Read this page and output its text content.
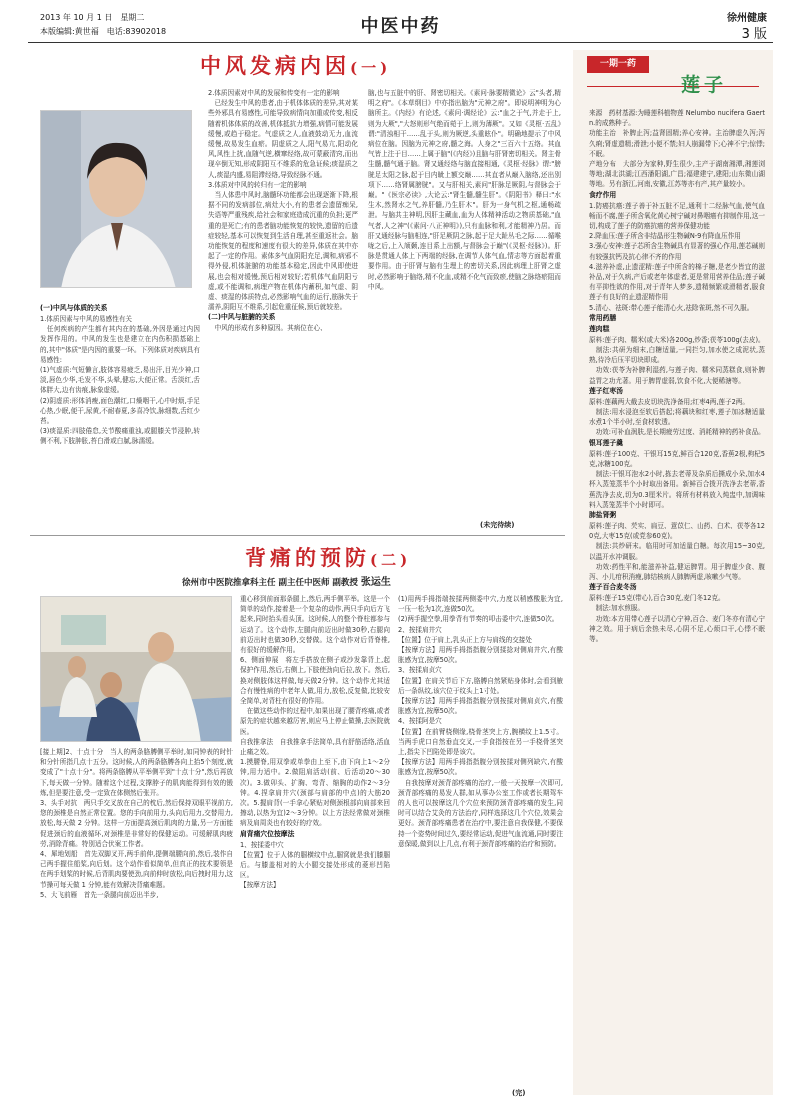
2013 年 10 月 1 日　星期二
本版编辑:黄世福　电话:83902018	中医中药	徐州健康
3 版
中风发病内因(一)
(一)中风与体质的关系
1.体质因素与中风的易感性有关
　任何疾病的产生都有其内在的基础,外因是通过内因发挥作用的。中风的发生也是建立在内伤积损基础上的,其中"体质"是内因的重要一环。下列体质对疾病具有易感性:
(1)气虚质:气短懒言,肢体容易疲乏,易出汗,目光少神,口淡,唇色少华,毛发不华,头晕,健忘,大便正常。舌淡红,舌体胖大,边有齿痕,脉象虚缓。
(2)阴虚质:形体消瘦,面色潮红,口燥咽干,心中时烦,手足心热,少眠,便干,尿黄,不耐春夏,多喜冷饮,脉细数,舌红少苔。
(3)痰湿质:四肢倦怠,关节酸痛重浊,或腿膝关节浸肿,转侧不利,下肢肿胀,苔白滑或白腻,脉濡缓。
2.体质因素对中风的发展和传变有一定的影响
　已经发生中风的患者,由于机体体质的差异,其对某些外邪具有易感性,可能导致病情向加重或传变,相反随着机体体质的改善,机体抵抗力增强,病情可能发展缓慢,或趋于稳定。气虚质之人,血液鼓动无力,血流缓慢,故易发生血瘀。阴虚质之人,阳气易亢,阳动化风,风性上扰,血随气逆,横窜经络,故可蒙蔽清窍,而出现卒倒无知,形成阴阳互不维系的危急证候;痰湿质之人,痰湿内盛,易阻滞经络,导致经脉不通。
3.体质对中风的转归有一定的影响
　当人体患中风时,脑髓环功能都会出现逐渐下降,根据不同的发病部位,病灶大小,有的患者会遗留痴呆,失语等严重残疾,给社会和家庭造成沉重的负担;更严重的是死亡;有的患者脑功能恢复的较快,遗留的后遗症较轻,基本可以恢复到生活自理,甚至重返社会。脑功能恢复的程度和速度有很大的差异,体质在其中亦起了一定的作用。素体多气血阴阳充足,调和,病邪不得外侵,机体脏腑的功能基本稳定,因此中风即使进展,也会相对缓慢,预后相对较好;若机体气血阴阳亏虚,或不能调和,病理产物在机体内蓄积,如气虚、阴虚、痰湿的体质特点,必然影响气血的运行,筋脉失于濡养,阴阳互不维系,引起危重征候,预后就较差。
(二)中风与脏腑的关系
　中风的形成有多种原因。其病位在心、
脑,也与五脏中的肝、肾密切相关。《素问·脉要精微论》云"头者,精明之府"。《本草纲目》中亦指出脑为"元神之府"。即说明神明为心脑所主。《内经》有论述,《素问·调经论》云:"血之于气,并走于上,则为大厥","大怒则形气绝而菀于上,则为薄厥"。又如《灵枢·五乱》谓:"清浊相干……乱于头,则为厥逆,头重眩仆"。明确地提示了中风病位在脑。因脑为元神之府,髓之海。人身之"三百六十五络。其血气皆上注于目……上属于脑"(《内经》)且脑与肝肾密切相关。肾主骨生髓,髓气通于脑。肾又通经络与脑直接相通,《灵枢·经脉》谓:"膀胱足太阳之脉,起于目内眦上额交巅……其直者从巅入脑络,还出别项下……络肾属膀胱"。又与肝相关,素问"肝脉足厥阴,与督脉会于巅。"《医宗必读》,大论云:"肾生髓,髓生肝"。《阴阳书》释曰:"水生木,然肾水之气,养肝髓,乃生肝木"。肝为一身气机之枢,通畅疏泄。与脑共主神明,因肝主藏血,血为人体精神活动之物质基础,"血气者,人之神"(《素问·八正神明》),只有血脉和利,才能精神乃居。而肝又通经脉与脑相连,"肝足厥阴之脉,起于足大趾丛毛之际……循喉咙之后,上入颃颡,连目系上出额,与督脉会于巅"(《灵枢·经脉》)。肝脉是贯通人体上下两端的经脉,在调节人体气血,情志等方面起着重要作用。由于肝肾与脑有生理上的密切关系,因此病理上肝肾之虚时,必然影响于脑络,精不化血,或精不化气而致瘀,使脑之脉络瘀阻而中风。
(未完待续)
背痛的预防(二)
徐州市中医院推拿科主任 副主任中医师 副教授 张运生
[接上期]2、十点十分　当人的两条胳膊侧平举时,如同钟表的时针和分针所指几点十五分。这时候,人的两条胳膊各向上抬5个刻度,就变成了"十点十分"。将两条胳膊从平举侧平到"十点十分",然后再放下,每天做一分钟。随着这个过程,支撑脖子的肌肉能得到有效的锻炼,但是要注意,受一定致在体侧然后张开。
3、头手对抗　两只手交叉放在自己的枕后,然后保持双眼平视前方,您的颈椎是自然正常位置。您的手向前用力,头向后用力,交替用力,放松,每天做 2 分钟。这样一方面提高颈后肌肉的力量,另一方面能促进颈后的血液循环,对颈椎是非常好的保健运动。可缓解肌肉疲劳,消除背痛。特别适合伏案工作者。
4、犀地划船　首先双脚叉开,两手前伸,提侧端腰向前,然后,装作自己两手握住船桨,向后划。这个动作看似简单,但真正的技术要领是在两手划桨的时候,后背肌肉要使劲,向前伸时放松,向后拽时用力,这节操可每天做 1 分钟,能有效解决背痛难题。
5、大飞前雁　首先一条腿向前迈出半步,
重心移到前面那条腿上,然后,两手侧平举。这是一个简单的动作,接着是一个复杂的动作,两只手向后方飞起来,同时抬头看头顶。这时候,人的整个脊柱都参与运动了。这个动作,左腿向前迈出时做30秒,右腿向前迈出时也做30秒,交替做。这个动作对后背脊椎,有很好的缓解作用。
6、侧面伸展　将左手搭放在侧子或沙发靠背上,起保护作用,然后,右侧上,下肢使劲向后拉,放下。然后,换对侧肢体这样做,每天做2分钟。这个动作尤其适合有慢性病的中老年人做,用力,放松,反复做,比较安全简单,对背柱有很好的作用。
　在做这些动作的过程中,如果出现了腰背疼痛,或者原先的症状越来越厉害,则应马上停止做操,去医院就医。
自我推拿法　自我推拿手法简单,具有舒筋活络,活血止痛之效。
1.摸腰脊,用双拳或单拳由上至下,由下向上1～2分钟,用力适中。2.做阻肩活动(前、后活动20～30次)。3.做卯头、扩胸、弯背、缩胸的动作2～3分钟。4.捏拿肩井穴(颈部与肩部的中点)的大筋20次。5.握肩背(一手拿心紧贴对侧颈根部向肩部来回擦动,以热为宜)2～3分钟。以上方法经常做对颈椎病及肩周炎也有较好的疗效。
肩背痛穴位按摩法
1、按揉委中穴
【位置】位于人体的腘横纹中点,腘窝就是我们膝腘后。与膝盖相对的大小腿交接处形成的菱形凹陷区。
【按摩方法】
(1)用两手拇指端按揉两侧委中穴,力度以稍感酸胀为宜,一压一松为1次,连做50次。
(2)两手握空拳,用拳背有节奏的叩击委中穴,连做50次。
2、按揉肩井穴
【位置】位于肩上,乳头正上方与肩线的交接处
【按摩方法】用两手拇指指腹分别揉捻对侧肩井穴,有酸胀感为宜,按摩50次。
3、按揉肩贞穴
【位置】在肩关节后下方,胳膊自然紧贴身体时,会看到腋后一条纵纹,该穴位于纹头上1寸处。
【按摩方法】用两手拇指指腹分别按揉对侧肩贞穴,有酸胀感为宜,按摩50次。
4、按揉阿是穴
【位置】在前臂桡侧缘,桡骨茎突上方,腕横纹上1.5寸。当两手虎口自然垂直交叉,一手食指按在另一手桡骨茎突上,指尖下凹陷处即是该穴。
【按摩方法】用两手拇指指腹分别按揉对侧列缺穴,有酸胀感为宜,按摩50次。
　自我按摩对颈背部疼痛的治疗,一般一天按摩一次即可,颈背部疼痛的易发人群,如从事办公室工作或者长期驾车的人也可以按摩这几个穴位来预防颈背部疼痛的发生,同时可以结合艾灸的方法治疗,同样选择这几个穴位,效果会更好。颈背部疼痛患者在治疗中,要注意自我保健,不要保持一个姿势时间过久,要经常运动,促进气血流通,同时要注意保暖,做到以上几点,有利于颈背部疼痛的治疗和预防。
(完)
一期一药
莲子
来源　药材基源:为睡莲科植物莲 Nelumbo nucifera Gaertn.的成熟种子。
功能主治　补脾止泻;益肾固精;养心安神。主治脾虚久泻;泻久痢;肾虚遗精;滑泄;小便不禁;妇人崩漏带下;心神不宁;惊悸;不眠。
产地分布　大部分为家种,野生很少,主产于湖南湘潭,湘莲浏等地;湖北洪湖;江西潘阳湖,广昌;福建建宁,建阳;山东微山湖等地。另有浙江,河南,安徽,江苏等亦有产,其产量较小。
食疗作用
1.防癌抗癌:莲子善于补五脏不足,通利十二经脉气血,使气血畅而不腐,莲子所含氧化黄心树宁碱对鼻咽癌有抑制作用,这一切,构成了莲子的防癌抗癌的营养保健功能
2.降血压:莲子所含非结晶形生物碱N-9有降血压作用
3.强心安神:莲子芯所含生物碱具有显著的强心作用,莲芯碱则有较强抗钙及抗心律不齐的作用
4.滋养补虚,止遗涩精:莲子中所含的棉子糖,是老少皆宜的滋补品,对于久病,产后或老年体虚者,更是常用营养佳品;莲子碱有平抑性欲的作用,对于青年人梦多,遗精频繁或滑精者,服食莲子有良好的止遗涩精作用
5.清心、祛斑:带心莲子能清心火,祛除雀斑,然不可久服。
常用药膳
莲肉糕
原料:莲子肉、糯米(或大米)各200g,炒香;茯苓100g(去皮)。
　制法:共研为细末,白糖适量,一同拦匀,加水使之成泥状,蒸熟,待冷后压平切块即成。
　功效:茯苓为补脾利湿药,与莲子肉、糯米同蒸糕食,则补脾益胃之功尤著。用于脾胃虚弱,饮食不化,大便稀溏等。
莲子红枣汤
原料:莲藕两大截去皮切块洗净备用;红枣4两,莲子2两。
　制法:用水浸泡至软后搭起;将藕块和红枣,莲子加冰糖适量水煮1个半小时,至食材软透。
　功效:可补血润肤,是长期疲劳过度、消耗精神的药补食品。
银耳莲子羹
原料:莲子100克、干银耳15克,鲜百合120克,香蕉2根,枸杞5克,冰糖100克。
　制法:干银耳泡水2小时,拣去老蒂及杂质后撕成小朵,加水4杯入蒸笼蒸半个小时取出备用。新鲜百合拨开洗净去老蒂,香蕉洗净去皮,切为0.3厘米片。将所有材料放入炖盅中,加调味料入蒸笼蒸半个小时即可。
肺盐肾粥
原料:莲子肉、芡实、扁豆、薏苡仁、山药、白术、茯苓各120克,大枣15克(或党参60克)。
　制法:共炒研末。临用时可加适量白糖。每次用15~30克,以温开水冲调服。
　功效:药性平和,能滋养补益,健运脾胃。用于脾虚少食、腹泻、小儿疳积消瘦,肺结核病人肺脾两虚,咳嗽少气等。
莲子百合麦冬汤
原料:莲子15克(带心),百合30克,麦门冬12克。
　制法:加水煎服。
　功效:本方用带心莲子以清心宁神,百合、麦门冬亦有清心宁神之效。用于病后余热未尽,心阴不足,心烦口干,心悸不眠等。
